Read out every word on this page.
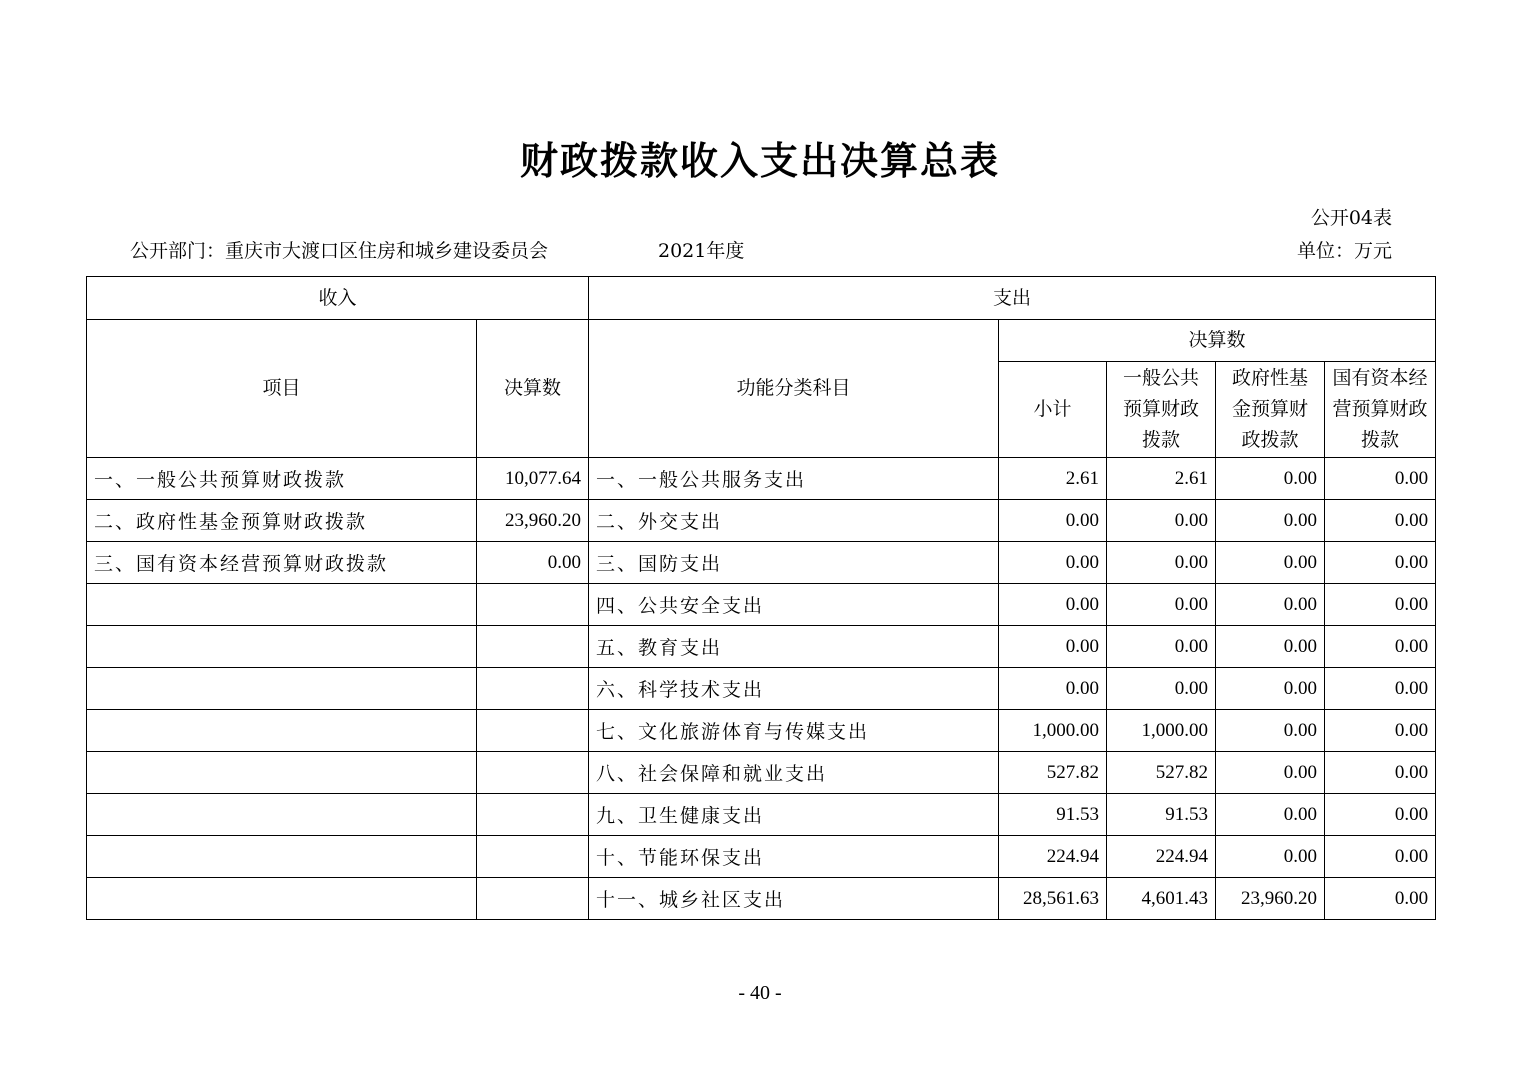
财政拨款收入支出决算总表
公开04表
公开部门：重庆市大渡口区住房和城乡建设委员会	2021年度	单位：万元
收入		支出				
项目	决算数	功能分类科目	决算数			
			小计	一般公共预算财政拨款	政府性基金预算财政拨款	国有资本经营预算财政拨款
一、一般公共预算财政拨款	10,077.64	一、一般公共服务支出	2.61	2.61	0.00	0.00
二、政府性基金预算财政拨款	23,960.20	二、外交支出	0.00	0.00	0.00	0.00
三、国有资本经营预算财政拨款	0.00	三、国防支出	0.00	0.00	0.00	0.00
		四、公共安全支出	0.00	0.00	0.00	0.00
		五、教育支出	0.00	0.00	0.00	0.00
		六、科学技术支出	0.00	0.00	0.00	0.00
		七、文化旅游体育与传媒支出	1,000.00	1,000.00	0.00	0.00
		八、社会保障和就业支出	527.82	527.82	0.00	0.00
		九、卫生健康支出	91.53	91.53	0.00	0.00
		十、节能环保支出	224.94	224.94	0.00	0.00
		十一、城乡社区支出	28,561.63	4,601.43	23,960.20	0.00
- 40 -
